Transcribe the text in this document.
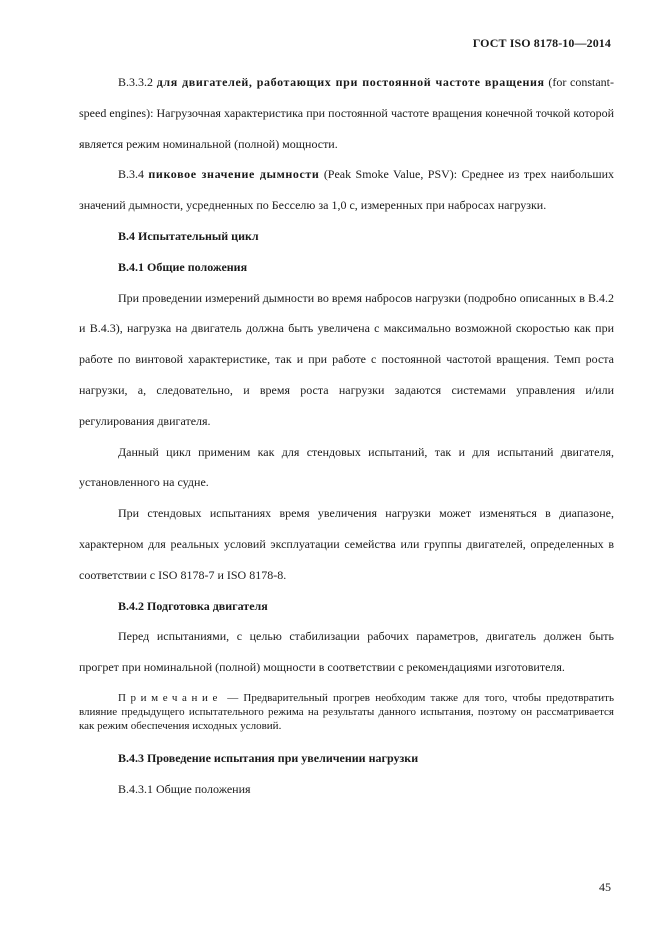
ГОСТ ISO 8178-10—2014

B.3.3.2 для двигателей, работающих при постоянной частоте вращения (for constant-speed engines): Нагрузочная характеристика при постоянной частоте вращения конечной точкой которой является режим номинальной (полной) мощности.

B.3.4 пиковое значение дымности (Peak Smoke Value, PSV): Среднее из трех наибольших значений дымности, усредненных по Бесселю за 1,0 с, измеренных при набросах нагрузки.

B.4 Испытательный цикл
B.4.1 Общие положения

При проведении измерений дымности во время набросов нагрузки (подробно описанных в B.4.2 и B.4.3), нагрузка на двигатель должна быть увеличена с максимально возможной скоростью как при работе по винтовой характеристике, так и при работе с постоянной частотой вращения. Темп роста нагрузки, а, следовательно, и время роста нагрузки задаются системами управления и/или регулирования двигателя.

Данный цикл применим как для стендовых испытаний, так и для испытаний двигателя, установленного на судне.

При стендовых испытаниях время увеличения нагрузки может изменяться в диапазоне, характерном для реальных условий эксплуатации семейства или группы двигателей, определенных в соответствии с ISO 8178-7 и ISO 8178-8.

B.4.2 Подготовка двигателя

Перед испытаниями, с целью стабилизации рабочих параметров, двигатель должен быть прогрет при номинальной (полной) мощности в соответствии с рекомендациями изготовителя.

Примечание — Предварительный прогрев необходим также для того, чтобы предотвратить влияние предыдущего испытательного режима на результаты данного испытания, поэтому он рассматривается как режим обеспечения исходных условий.
B.4.3 Проведение испытания при увеличении нагрузки

B.4.3.1 Общие положения

45
